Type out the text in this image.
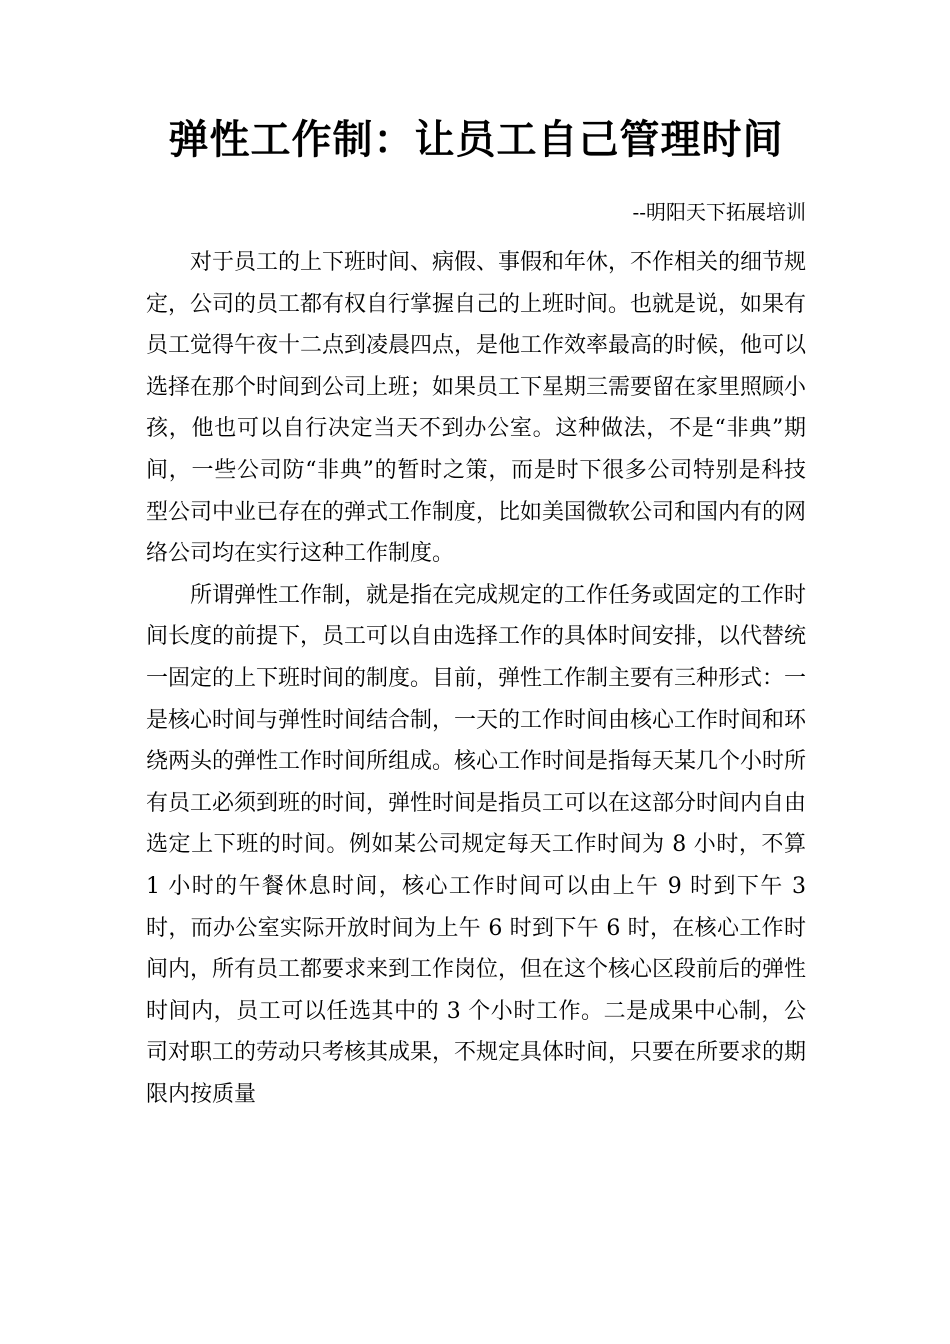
弹性工作制：让员工自己管理时间

--明阳天下拓展培训

对于员工的上下班时间、病假、事假和年休，不作相关的细节规定，公司的员工都有权自行掌握自己的上班时间。也就是说，如果有员工觉得午夜十二点到凌晨四点，是他工作效率最高的时候，他可以选择在那个时间到公司上班；如果员工下星期三需要留在家里照顾小孩，他也可以自行决定当天不到办公室。这种做法，不是“非典”期间，一些公司防“非典”的暂时之策，而是时下很多公司特别是科技型公司中业已存在的弹式工作制度，比如美国微软公司和国内有的网络公司均在实行这种工作制度。

所谓弹性工作制，就是指在完成规定的工作任务或固定的工作时间长度的前提下，员工可以自由选择工作的具体时间安排，以代替统一固定的上下班时间的制度。目前，弹性工作制主要有三种形式：一是核心时间与弹性时间结合制，一天的工作时间由核心工作时间和环绕两头的弹性工作时间所组成。核心工作时间是指每天某几个小时所有员工必须到班的时间，弹性时间是指员工可以在这部分时间内自由选定上下班的时间。例如某公司规定每天工作时间为 8 小时，不算 1 小时的午餐休息时间，核心工作时间可以由上午 9 时到下午 3 时，而办公室实际开放时间为上午 6 时到下午 6 时，在核心工作时间内，所有员工都要求来到工作岗位，但在这个核心区段前后的弹性时间内，员工可以任选其中的 3 个小时工作。二是成果中心制，公司对职工的劳动只考核其成果，不规定具体时间，只要在所要求的期限内按质量
